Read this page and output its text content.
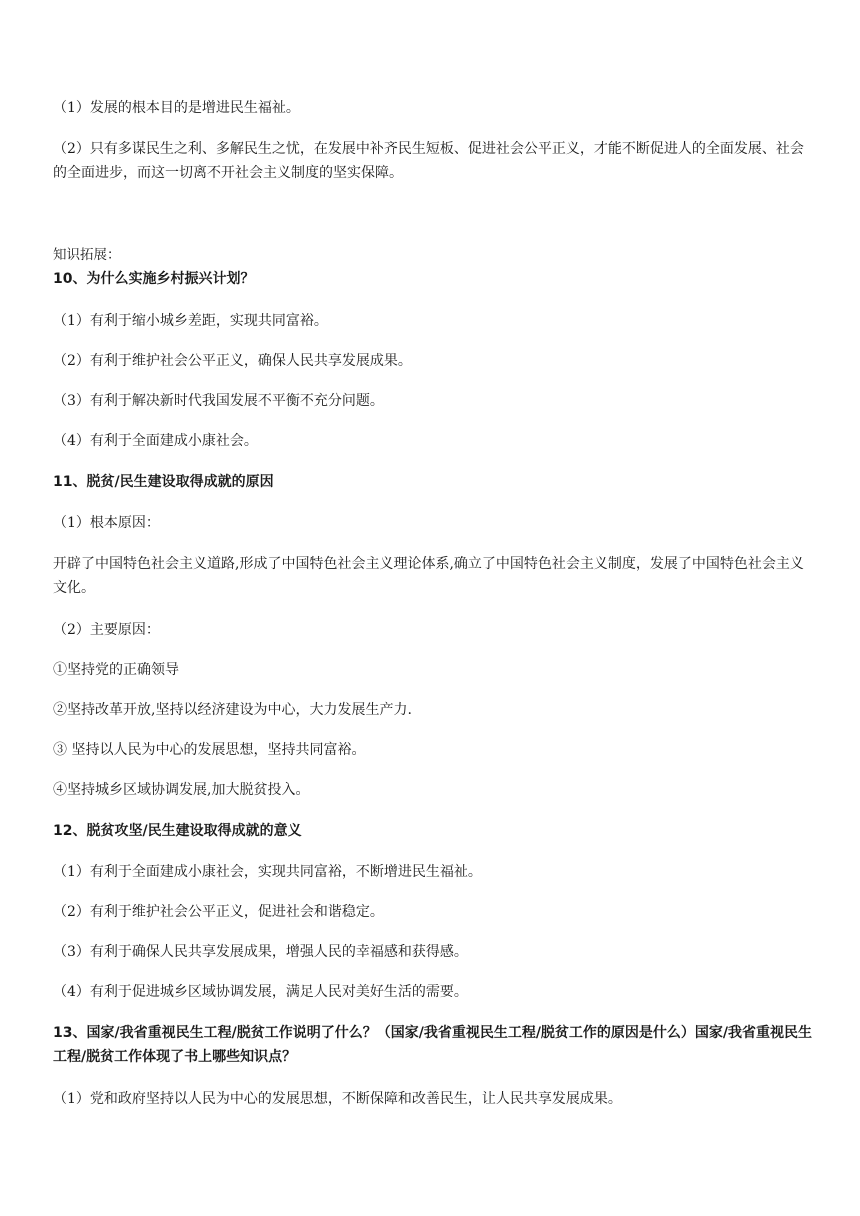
（1）发展的根本目的是增进民生福祉。
（2）只有多谋民生之利、多解民生之忧，在发展中补齐民生短板、促进社会公平正义，才能不断促进人的全面发展、社会的全面进步，而这一切离不开社会主义制度的坚实保障。
知识拓展：
10、为什么实施乡村振兴计划？
（1）有利于缩小城乡差距，实现共同富裕。
（2）有利于维护社会公平正义，确保人民共享发展成果。
（3）有利于解决新时代我国发展不平衡不充分问题。
（4）有利于全面建成小康社会。
11、脱贫/民生建设取得成就的原因
（1）根本原因：
开辟了中国特色社会主义道路,形成了中国特色社会主义理论体系,确立了中国特色社会主义制度，发展了中国特色社会主义文化。
（2）主要原因：
①坚持党的正确领导
②坚持改革开放,坚持以经济建设为中心，大力发展生产力.
③ 坚持以人民为中心的发展思想，坚持共同富裕。
④坚持城乡区域协调发展,加大脱贫投入。
12、脱贫攻坚/民生建设取得成就的意义
（1）有利于全面建成小康社会，实现共同富裕，不断增进民生福祉。
（2）有利于维护社会公平正义，促进社会和谐稳定。
（3）有利于确保人民共享发展成果，增强人民的幸福感和获得感。
（4）有利于促进城乡区域协调发展，满足人民对美好生活的需要。
13、国家/我省重视民生工程/脱贫工作说明了什么？（国家/我省重视民生工程/脱贫工作的原因是什么）国家/我省重视民生工程/脱贫工作体现了书上哪些知识点？
（1）党和政府坚持以人民为中心的发展思想，不断保障和改善民生，让人民共享发展成果。
